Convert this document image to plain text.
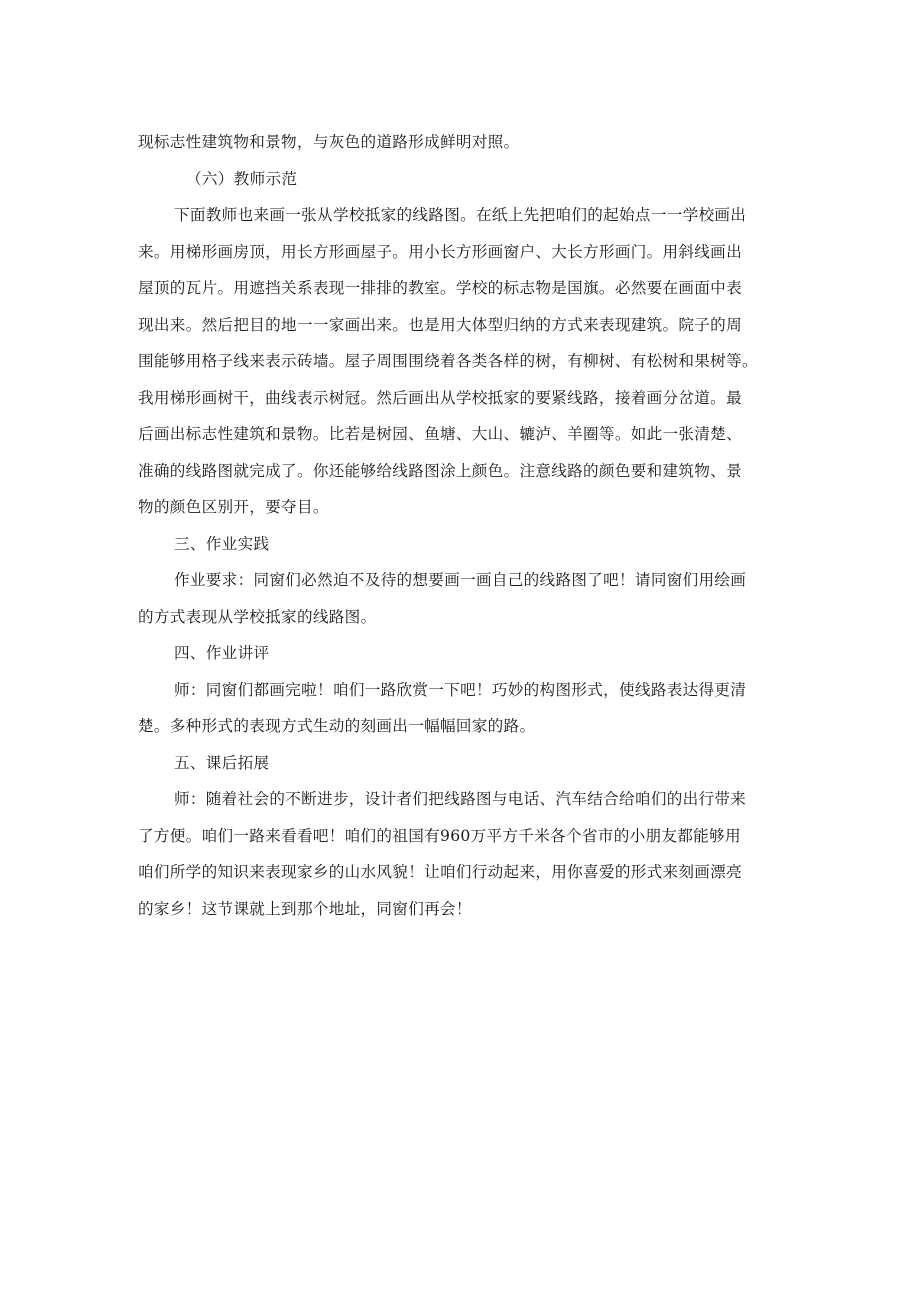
现标志性建筑物和景物，与灰色的道路形成鲜明对照。
（六）教师示范
下面教师也来画一张从学校抵家的线路图。在纸上先把咱们的起始点一一学校画出
来。用梯形画房顶，用长方形画屋子。用小长方形画窗户、大长方形画门。用斜线画出
屋顶的瓦片。用遮挡关系表现一排排的教室。学校的标志物是国旗。必然要在画面中表
现出来。然后把目的地一一家画出来。也是用大体型归纳的方式来表现建筑。院子的周
围能够用格子线来表示砖墙。屋子周围围绕着各类各样的树，有柳树、有松树和果树等。
我用梯形画树干，曲线表示树冠。然后画出从学校抵家的要紧线路，接着画分岔道。最
后画出标志性建筑和景物。比若是树园、鱼塘、大山、辘泸、羊圈等。如此一张清楚、
准确的线路图就完成了。你还能够给线路图涂上颜色。注意线路的颜色要和建筑物、景
物的颜色区别开，要夺目。
三、作业实践
作业要求：同窗们必然迫不及待的想要画一画自己的线路图了吧！请同窗们用绘画
的方式表现从学校抵家的线路图。
四、作业讲评
师：同窗们都画完啦！咱们一路欣赏一下吧！巧妙的构图形式，使线路表达得更清
楚。多种形式的表现方式生动的刻画出一幅幅回家的路。
五、课后拓展
师：随着社会的不断进步，设计者们把线路图与电话、汽车结合给咱们的出行带来
了方便。咱们一路来看看吧！咱们的祖国有960万平方千米各个省市的小朋友都能够用
咱们所学的知识来表现家乡的山水风貌！让咱们行动起来，用你喜爱的形式来刻画漂亮
的家乡！这节课就上到那个地址，同窗们再会！
